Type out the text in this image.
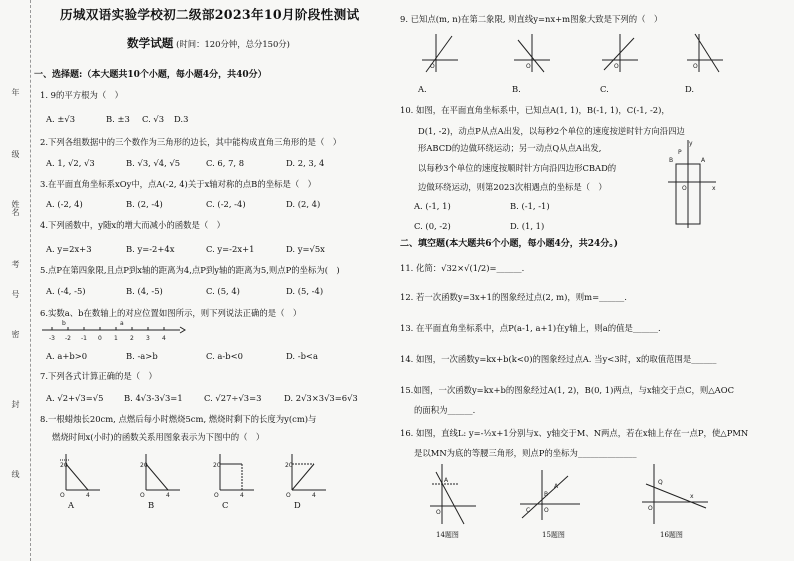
年
级
姓名
考
号
密
封
线
历城双语实验学校初二级部2023年10月阶段性测试
数学试题 (时间：120分钟，总分150分)
一、选择题:（本大题共10个小题，每小题4分，共40分）
1. 9的平方根为（　）
A. ±√3	B. ±3 C. √3 D.3
2.下列各组数据中的三个数作为三角形的边长，其中能构成直角三角形的是（　）
A. 1, √2, √3	B. √3, √4, √5	C. 6, 7, 8	D. 2, 3, 4
3.在平面直角坐标系xOy中，点A(-2, 4)关于x轴对称的点B的坐标是（　）
A. (-2, 4)	B. (2, -4)	C. (-2, -4)	D. (2, 4)
4.下列函数中，y随x的增大而减小的函数是（　）
A. y=2x+3	B. y=-2+4x	C. y=-2x+1	D. y=√5x
5.点P在第四象限,且点P到x轴的距离为4,点P到y轴的距离为5,则点P的坐标为(　)
A. (-4, -5)	B. (4, -5)	C. (5, 4)	D. (5, -4)
6.实数a、b在数轴上的对应位置如图所示，则下列说法正确的是（　）
-3 -2 -1 0 1 2 3 4
b	a
A. a+b>0	B. -a>b	C. a-b<0	D. -b<a
7.下列各式计算正确的是（　）
A. √2+√3=√5 B. 4√3-3√3=1	C. √27÷√3=3	D. 2√3×3√3=6√3
8.一根蜡烛长20cm, 点燃后每小时燃烧5cm, 燃烧时剩下的长度为y(cm)与
燃烧时间x(小时)的函数关系用图象表示为下图中的（　）
20
O	4
20
O	4
20
O	4
20
O	4
A	B	C	D
9. 已知点(m, n)在第二象限, 则直线y=nx+m图象大致是下列的（　）
O	O	O	O
A.	B.	C.	D.
10. 如图，在平面直角坐标系中，已知点A(1, 1)，B(-1, 1)，C(-1, -2)，
D(1, -2)，动点P从点A出发，以每秒2个单位的速度按逆时针方向沿四边
形ABCD的边做环绕运动；另一动点Q从点A出发,
以每秒3个单位的速度按顺时针方向沿四边形CBAD的
边做环绕运动，则第2023次相遇点的坐标是（　）
y
x
B	A
O
P
A. (-1, 1)	B. (-1, -1)
C. (0, -2)	D. (1, 1)
二、填空题(本大题共6个小题，每小题4分，共24分。)
11. 化简：√32×√(1/2)=______.
12. 若一次函数y=3x+1的图象经过点(2, m)，则m=______.
13. 在平面直角坐标系中，点P(a-1, a+1)在y轴上，则a的值是______.
14. 如图，一次函数y=kx+b(k<0)的图象经过点A. 当y<3时，x的取值范围是______
15.如图，一次函数y=kx+b的图象经过A(1, 2)，B(0, 1)两点，与x轴交于点C，则△AOC
的面积为______.
16. 如图，直线L: y=-½x+1分别与x、y轴交于M、N两点，若在x轴上存在一点P，使△PMN
是以MN为底的等腰三角形，则点P的坐标为______________
A
O
A
B
C O
Q
x
O
14题图	15题图	16题图
